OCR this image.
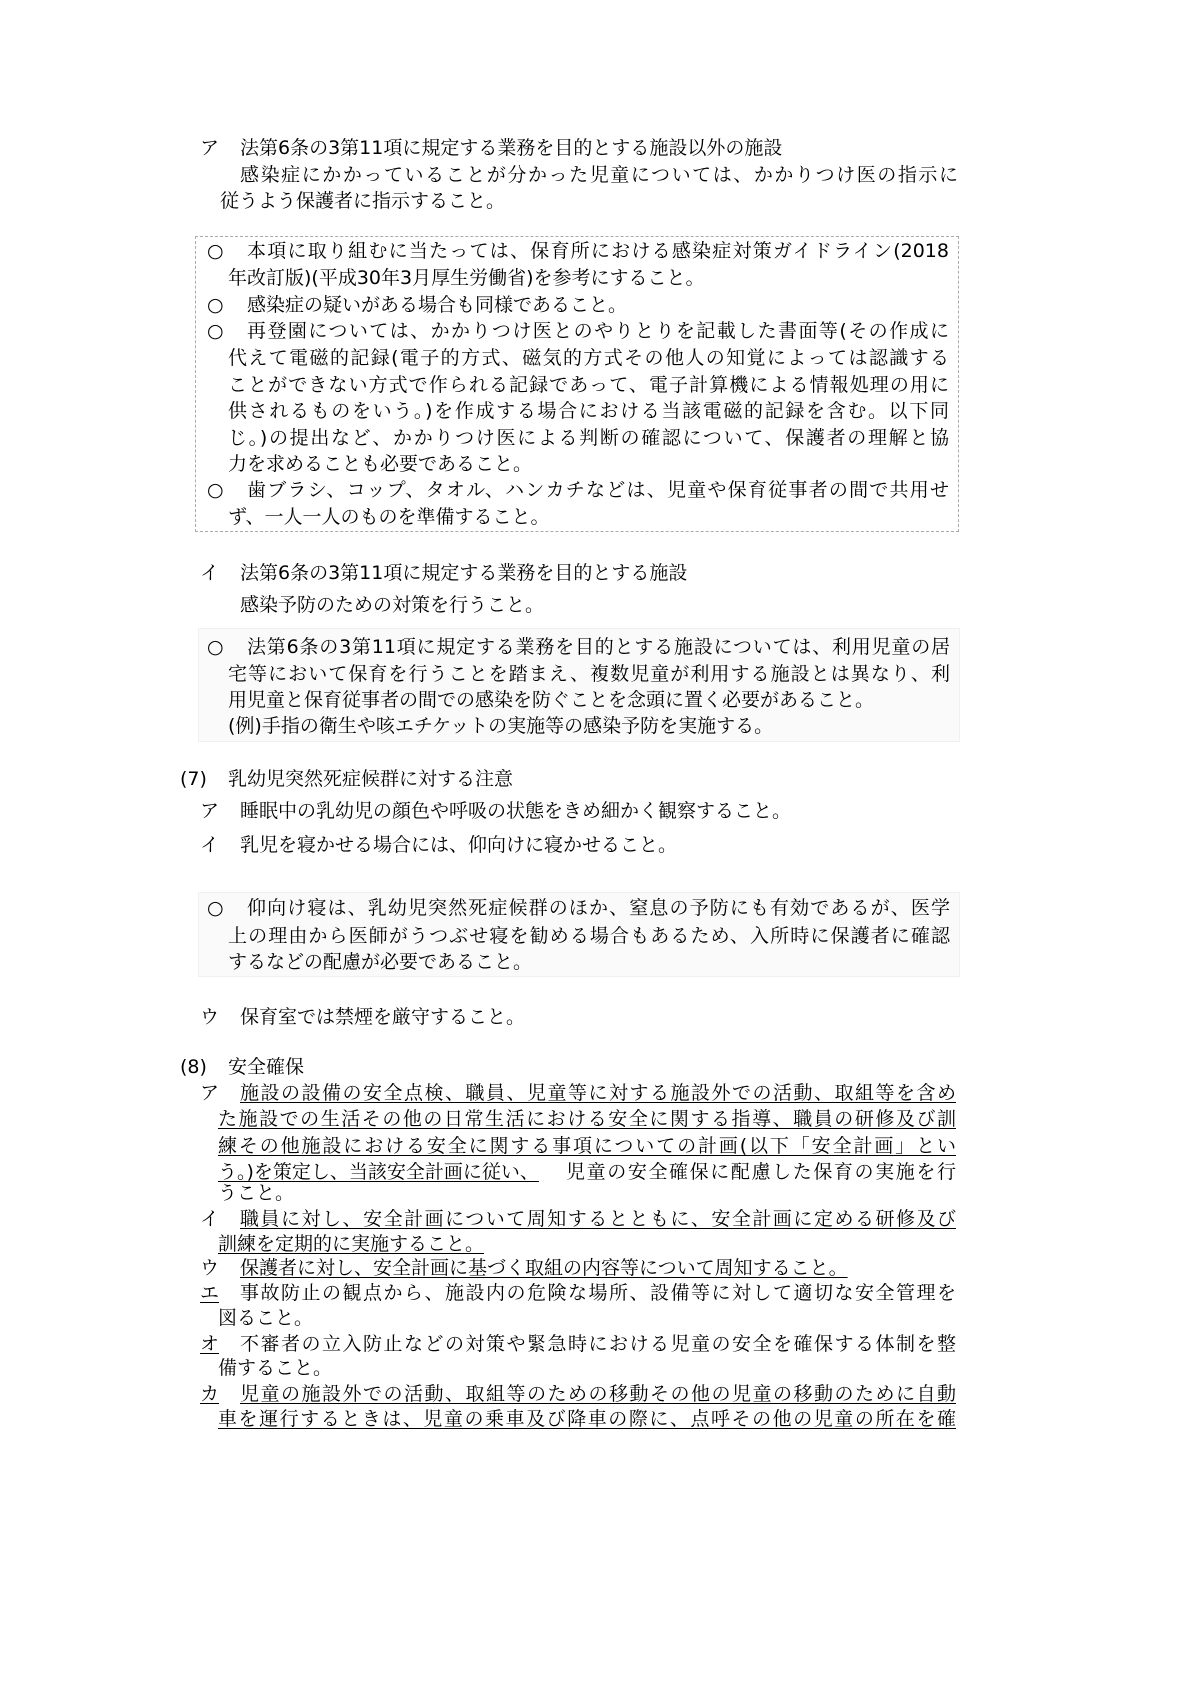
ア 法第6条の3第11項に規定する業務を目的とする施設以外の施設
感染症にかかっていることが分かった児童については、かかりつけ医の指示に
従うよう保護者に指示すること。
○ 本項に取り組むに当たっては、保育所における感染症対策ガイドライン(2018
年改訂版)(平成30年3月厚生労働省)を参考にすること。
○ 感染症の疑いがある場合も同様であること。
○ 再登園については、かかりつけ医とのやりとりを記載した書面等(その作成に
代えて電磁的記録(電子的方式、磁気的方式その他人の知覚によっては認識する
ことができない方式で作られる記録であって、電子計算機による情報処理の用に
供されるものをいう。)を作成する場合における当該電磁的記録を含む。以下同
じ。)の提出など、かかりつけ医による判断の確認について、保護者の理解と協
力を求めることも必要であること。
○ 歯ブラシ、コップ、タオル、ハンカチなどは、児童や保育従事者の間で共用せ
ず、一人一人のものを準備すること。
イ 法第6条の3第11項に規定する業務を目的とする施設
感染予防のための対策を行うこと。
○ 法第6条の3第11項に規定する業務を目的とする施設については、利用児童の居
宅等において保育を行うことを踏まえ、複数児童が利用する施設とは異なり、利
用児童と保育従事者の間での感染を防ぐことを念頭に置く必要があること。
(例)手指の衛生や咳エチケットの実施等の感染予防を実施する。
(7) 乳幼児突然死症候群に対する注意
ア 睡眠中の乳幼児の顔色や呼吸の状態をきめ細かく観察すること。
イ 乳児を寝かせる場合には、仰向けに寝かせること。
○ 仰向け寝は、乳幼児突然死症候群のほか、窒息の予防にも有効であるが、医学
上の理由から医師がうつぶせ寝を勧める場合もあるため、入所時に保護者に確認
するなどの配慮が必要であること。
ウ 保育室では禁煙を厳守すること。
(8) 安全確保
ア 施設の設備の安全点検、職員、児童等に対する施設外での活動、取組等を含め
た施設での生活その他の日常生活における安全に関する指導、職員の研修及び訓
練その他施設における安全に関する事項についての計画(以下「安全計画」とい
う。)を策定し、当該安全計画に従い、 児童の安全確保に配慮した保育の実施を行
うこと。
イ 職員に対し、安全計画について周知するとともに、安全計画に定める研修及び
訓練を定期的に実施すること。
ウ 保護者に対し、安全計画に基づく取組の内容等について周知すること。
エ 事故防止の観点から、施設内の危険な場所、設備等に対して適切な安全管理を
図ること。
オ 不審者の立入防止などの対策や緊急時における児童の安全を確保する体制を整
備すること。
カ 児童の施設外での活動、取組等のための移動その他の児童の移動のために自動
車を運行するときは、児童の乗車及び降車の際に、点呼その他の児童の所在を確
